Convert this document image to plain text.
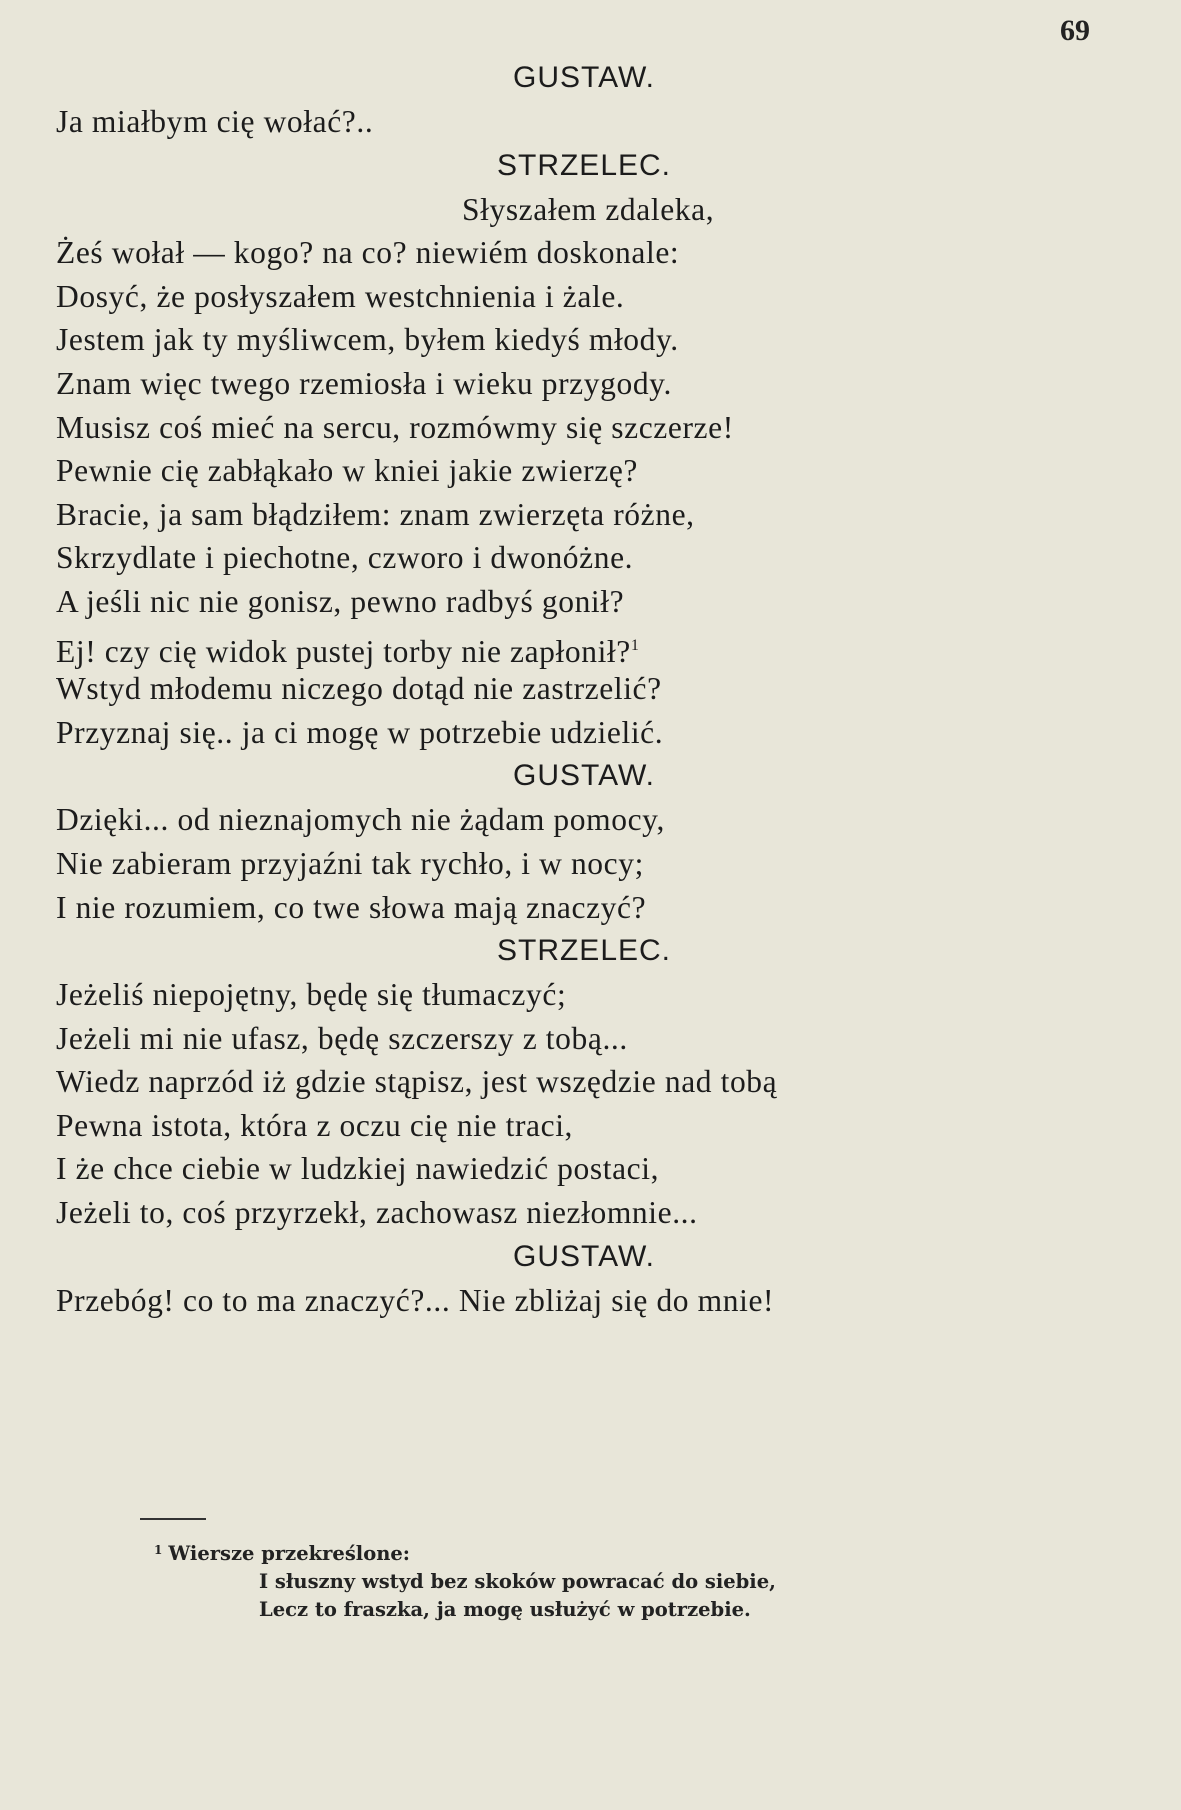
69
GUSTAW.
Ja miałbym cię wołać?..
STRZELEC.
Słyszałem zdaleka,
Żeś wołał — kogo? na co? niewiém doskonale:
Dosyć, że posłyszałem westchnienia i żale.
Jestem jak ty myśliwcem, byłem kiedyś młody.
Znam więc twego rzemiosła i wieku przygody.
Musisz coś mieć na sercu, rozmówmy się szczerze!
Pewnie cię zabłąkało w kniei jakie zwierzę?
Bracie, ja sam błądziłem: znam zwierzęta różne,
Skrzydlate i piechotne, czworo i dwonóżne.
A jeśli nic nie gonisz, pewno radbyś gonił?
Ej! czy cię widok pustej torby nie zapłonił?$^1$
Wstyd młodemu niczego dotąd nie zastrzelić?
Przyznaj się.. ja ci mogę w potrzebie udzielić.
GUSTAW.
Dzięki... od nieznajomych nie żądam pomocy,
Nie zabieram przyjaźni tak rychło, i w nocy;
I nie rozumiem, co twe słowa mają znaczyć?
STRZELEC.
Jeżeliś niepojętny, będę się tłumaczyć;
Jeżeli mi nie ufasz, będę szczerszy z tobą...
Wiedz naprzód iż gdzie stąpisz, jest wszędzie nad tobą
Pewna istota, która z oczu cię nie traci,
I że chce ciebie w ludzkiej nawiedzić postaci,
Jeżeli to, coś przyrzekł, zachowasz niezłomnie...
GUSTAW.
Przebóg! co to ma znaczyć?... Nie zbliżaj się do mnie!
$^1$ Wiersze przekreślone:
I słuszny wstyd bez skoków powracać do siebie,
Lecz to fraszka, ja mogę usłużyć w potrzebie.
